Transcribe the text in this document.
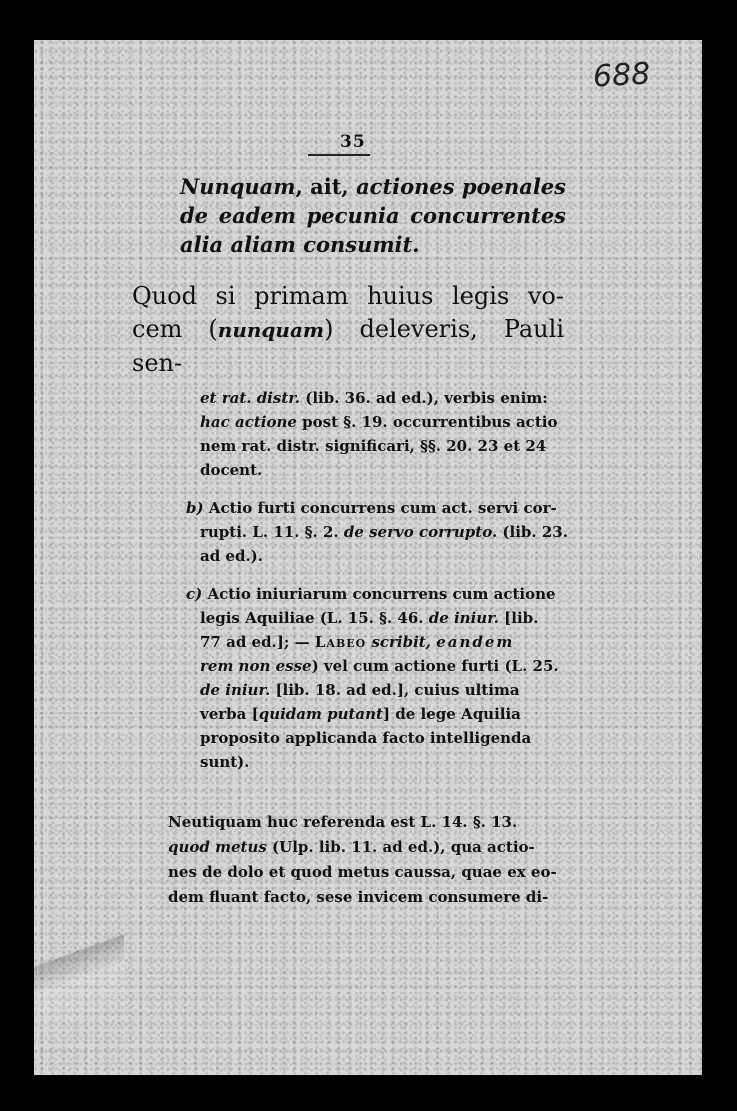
688
35
Nunquam, ait, actiones poenales de eadem pecunia concurrentes alia aliam consumit.
Quod si primam huius legis vo- cem (nunquam) deleveris, Pauli sen-
et rat. distr. (lib. 36. ad ed.), verbis enim:
hac actione post §. 19. occurrentibus actio
nem rat. distr. significari, §§. 20. 23 et 24
docent.
b) Actio furti concurrens cum act. servi cor-
rupti. L. 11. §. 2. de servo corrupto. (lib. 23.
ad ed.).
c) Actio iniuriarum concurrens cum actione
legis Aquiliae (L. 15. §. 46. de iniur. [lib.
77 ad ed.]; — Labeo scribit, eandem
rem non esse) vel cum actione furti (L. 25.
de iniur. [lib. 18. ad ed.], cuius ultima
verba [quidam putant] de lege Aquilia
proposito applicanda facto intelligenda
sunt).
Neutiquam huc referenda est L. 14. §. 13.
quod metus (Ulp. lib. 11. ad ed.), qua actio-
nes de dolo et quod metus caussa, quae ex eo-
dem fluant facto, sese invicem consumere di-
